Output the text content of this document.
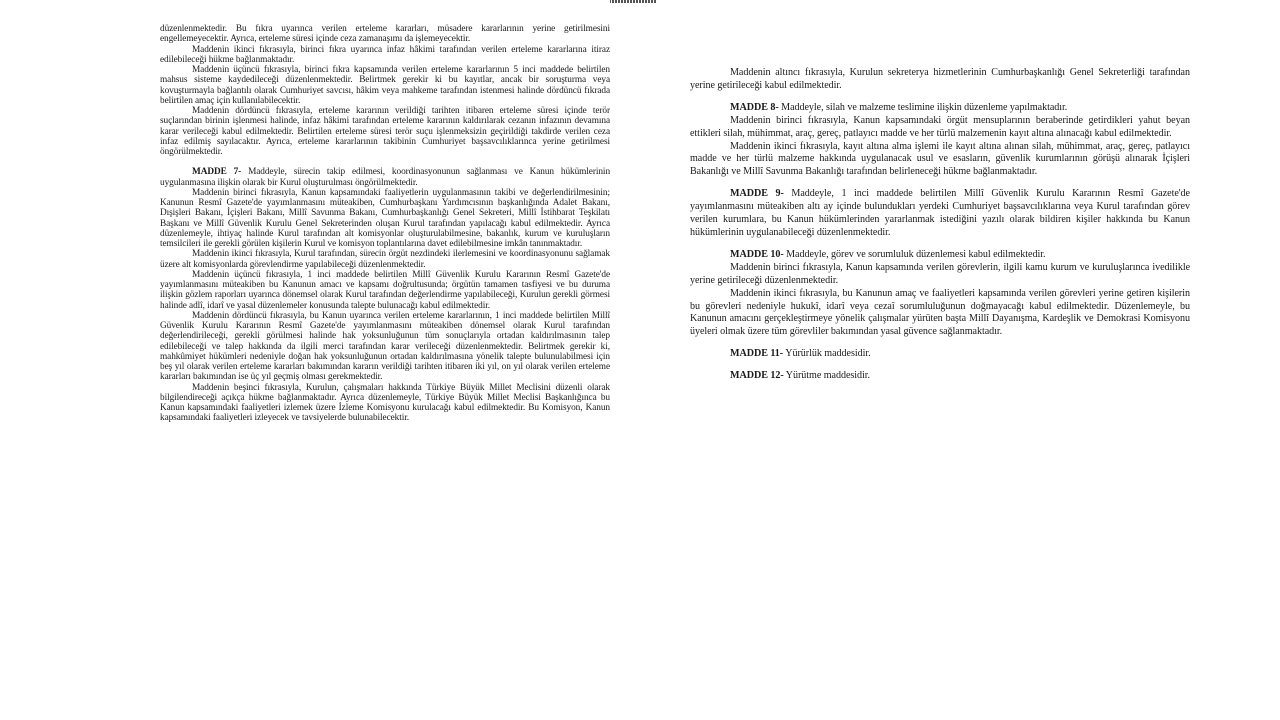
düzenlenmektedir. Bu fıkra uyarınca verilen erteleme kararları, müsadere kararlarının yerine getirilmesini engellemeyecektir. Ayrıca, erteleme süresi içinde ceza zamanaşımı da işlemeyecektir.

Maddenin ikinci fıkrasıyla, birinci fıkra uyarınca infaz hâkimi tarafından verilen erteleme kararlarına itiraz edilebileceği hükme bağlanmaktadır.

Maddenin üçüncü fıkrasıyla, birinci fıkra kapsamında verilen erteleme kararlarının 5 inci maddede belirtilen mahsus sisteme kaydedileceği düzenlenmektedir. Belirtmek gerekir ki bu kayıtlar, ancak bir soruşturma veya kovuşturmayla bağlantılı olarak Cumhuriyet savcısı, hâkim veya mahkeme tarafından istenmesi halinde dördüncü fıkrada belirtilen amaç için kullanılabilecektir.

Maddenin dördüncü fıkrasıyla, erteleme kararının verildiği tarihten itibaren erteleme süresi içinde terör suçlarından birinin işlenmesi halinde, infaz hâkimi tarafından erteleme kararının kaldırılarak cezanın infazının devamına karar verileceği kabul edilmektedir. Belirtilen erteleme süresi terör suçu işlenmeksizin geçirildiği takdirde verilen ceza infaz edilmiş sayılacaktır. Ayrıca, erteleme kararlarının takibinin Cumhuriyet başsavcılıklarınca yerine getirilmesi öngörülmektedir.

MADDE 7- Maddeyle, sürecin takip edilmesi, koordinasyonunun sağlanması ve Kanun hükümlerinin uygulanmasına ilişkin olarak bir Kurul oluşturulması öngörülmektedir.

Maddenin birinci fıkrasıyla, Kanun kapsamındaki faaliyetlerin uygulanmasının takibi ve değerlendirilmesinin; Kanunun Resmî Gazete'de yayımlanmasını müteakiben, Cumhurbaşkanı Yardımcısının başkanlığında Adalet Bakanı, Dışişleri Bakanı, İçişleri Bakanı, Millî Savunma Bakanı, Cumhurbaşkanlığı Genel Sekreteri, Millî İstihbarat Teşkilatı Başkanı ve Millî Güvenlik Kurulu Genel Sekreterinden oluşan Kurul tarafından yapılacağı kabul edilmektedir. Ayrıca düzenlemeyle, ihtiyaç halinde Kurul tarafından alt komisyonlar oluşturulabilmesine, bakanlık, kurum ve kuruluşların temsilcileri ile gerekli görülen kişilerin Kurul ve komisyon toplantılarına davet edilebilmesine imkân tanınmaktadır.

Maddenin ikinci fıkrasıyla, Kurul tarafından, sürecin örgüt nezdindeki ilerlemesini ve koordinasyonunu sağlamak üzere alt komisyonlarda görevlendirme yapılabileceği düzenlenmektedir.

Maddenin üçüncü fıkrasıyla, 1 inci maddede belirtilen Millî Güvenlik Kurulu Kararının Resmî Gazete'de yayımlanmasını müteakiben bu Kanunun amacı ve kapsamı doğrultusunda; örgütün tamamen tasfiyesi ve bu duruma ilişkin gözlem raporları uyarınca dönemsel olarak Kurul tarafından değerlendirme yapılabileceği, Kurulun gerekli görmesi halinde adlî, idarî ve yasal düzenlemeler konusunda talepte bulunacağı kabul edilmektedir.

Maddenin dördüncü fıkrasıyla, bu Kanun uyarınca verilen erteleme kararlarının, 1 inci maddede belirtilen Millî Güvenlik Kurulu Kararının Resmî Gazete'de yayımlanmasını müteakiben dönemsel olarak Kurul tarafından değerlendirileceği, gerekli görülmesi halinde hak yoksunluğunun tüm sonuçlarıyla ortadan kaldırılmasının talep edilebileceği ve talep hakkında da ilgili merci tarafından karar verileceği düzenlenmektedir. Belirtmek gerekir ki, mahkûmiyet hükümleri nedeniyle doğan hak yoksunluğunun ortadan kaldırılmasına yönelik talepte bulunulabilmesi için beş yıl olarak verilen erteleme kararları bakımından kararın verildiği tarihten itibaren iki yıl, on yıl olarak verilen erteleme kararları bakımından ise üç yıl geçmiş olması gerekmektedir.

Maddenin beşinci fıkrasıyla, Kurulun, çalışmaları hakkında Türkiye Büyük Millet Meclisini düzenli olarak bilgilendireceği açıkça hükme bağlanmaktadır. Ayrıca düzenlemeyle, Türkiye Büyük Millet Meclisi Başkanlığınca bu Kanun kapsamındaki faaliyetleri izlemek üzere İzleme Komisyonu kurulacağı kabul edilmektedir. Bu Komisyon, Kanun kapsamındaki faaliyetleri izleyecek ve tavsiyelerde bulunabilecektir.

Maddenin altıncı fıkrasıyla, Kurulun sekreterya hizmetlerinin Cumhurbaşkanlığı Genel Sekreterliği tarafından yerine getirileceği kabul edilmektedir.

MADDE 8- Maddeyle, silah ve malzeme teslimine ilişkin düzenleme yapılmaktadır.

Maddenin birinci fıkrasıyla, Kanun kapsamındaki örgüt mensuplarının beraberinde getirdikleri yahut beyan ettikleri silah, mühimmat, araç, gereç, patlayıcı madde ve her türlü malzemenin kayıt altına alınacağı kabul edilmektedir.

Maddenin ikinci fıkrasıyla, kayıt altına alma işlemi ile kayıt altına alınan silah, mühimmat, araç, gereç, patlayıcı madde ve her türlü malzeme hakkında uygulanacak usul ve esasların, güvenlik kurumlarının görüşü alınarak İçişleri Bakanlığı ve Millî Savunma Bakanlığı tarafından belirleneceği hükme bağlanmaktadır.

MADDE 9- Maddeyle, 1 inci maddede belirtilen Millî Güvenlik Kurulu Kararının Resmî Gazete'de yayımlanmasını müteakiben altı ay içinde bulundukları yerdeki Cumhuriyet başsavcılıklarına veya Kurul tarafından görev verilen kurumlara, bu Kanun hükümlerinden yararlanmak istediğini yazılı olarak bildiren kişiler hakkında bu Kanun hükümlerinin uygulanabileceği düzenlenmektedir.

MADDE 10- Maddeyle, görev ve sorumluluk düzenlemesi kabul edilmektedir.

Maddenin birinci fıkrasıyla, Kanun kapsamında verilen görevlerin, ilgili kamu kurum ve kuruluşlarınca ivedilikle yerine getirileceği düzenlenmektedir.

Maddenin ikinci fıkrasıyla, bu Kanunun amaç ve faaliyetleri kapsamında verilen görevleri yerine getiren kişilerin bu görevleri nedeniyle hukukî, idarî veya cezaî sorumluluğunun doğmayacağı kabul edilmektedir. Düzenlemeyle, bu Kanunun amacını gerçekleştirmeye yönelik çalışmalar yürüten başta Millî Dayanışma, Kardeşlik ve Demokrasi Komisyonu üyeleri olmak üzere tüm görevliler bakımından yasal güvence sağlanmaktadır.

MADDE 11- Yürürlük maddesidir.

MADDE 12- Yürütme maddesidir.
